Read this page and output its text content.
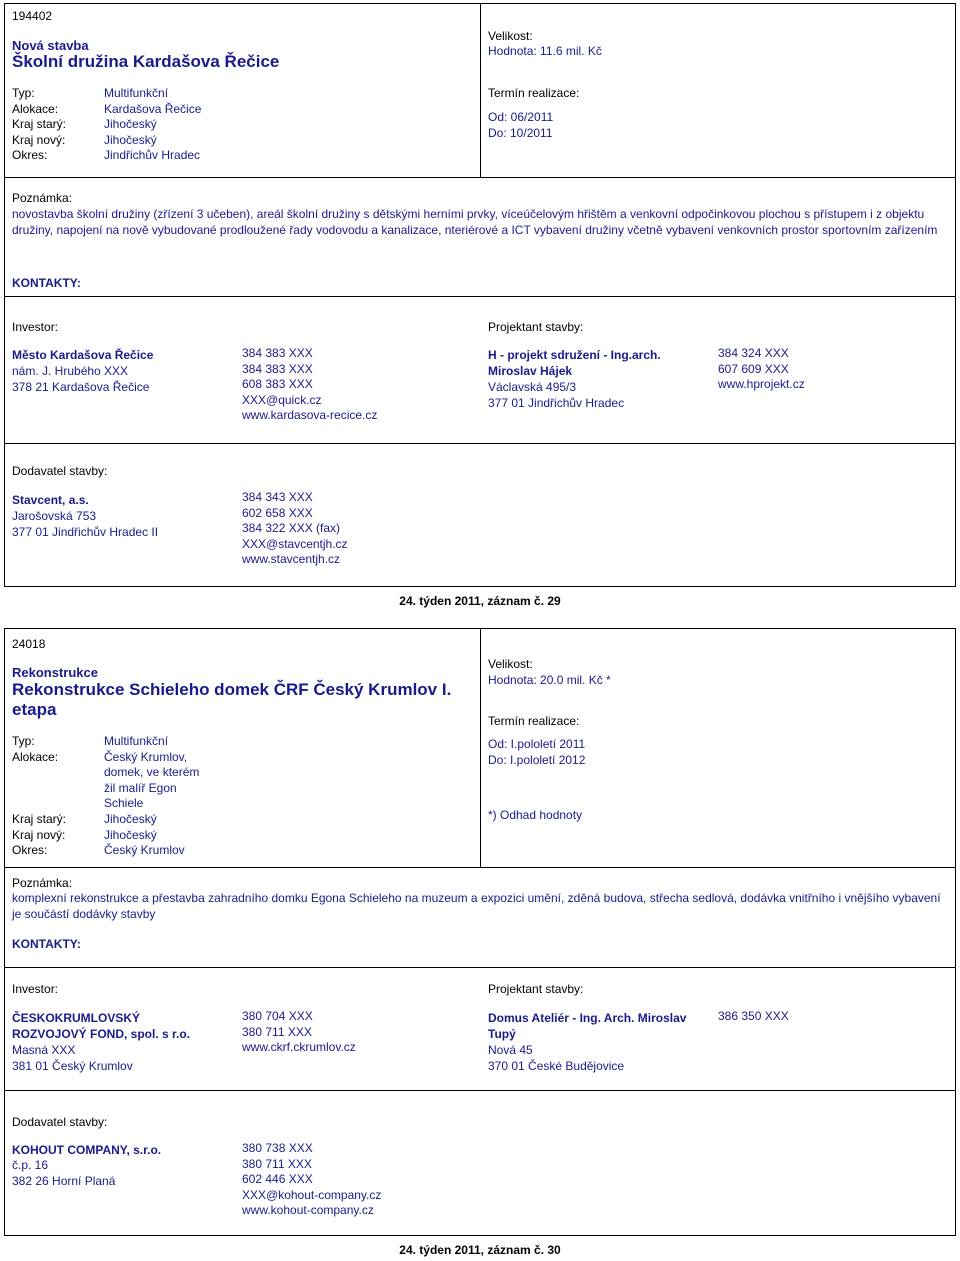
194402
Nová stavba
Školní družina Kardašova Řečice
Typ:
Alokace:
Kraj starý:
Kraj nový:
Okres:
Multifunkční
Kardašova Řečice
Jihočeský
Jihočeský
Jindřichův Hradec
Velikost:
Hodnota: 11.6 mil. Kč
Termín realizace:
Od: 06/2011
Do: 10/2011
Poznámka:
novostavba školní družiny (zřízení 3 učeben), areál školní družiny s dětskými herními prvky, víceúčelovým hřištěm a venkovní odpočinkovou plochou s přístupem i z objektu družiny, napojení na nově vybudované prodloužené řady vodovodu a kanalizace, nteriérové a ICT vybavení družiny včetně vybavení venkovních prostor sportovním zařízením
KONTAKTY:
Investor:
Město Kardašova Řečice
nám. J. Hrubého XXX
378 21 Kardašova Řečice
384 383 XXX
384 383 XXX
608 383 XXX
XXX@quick.cz
www.kardasova-recice.cz
Projektant stavby:
H - projekt sdružení - Ing.arch.
Miroslav Hájek
Václavská 495/3
377 01 Jindřichův Hradec
384 324 XXX
607 609 XXX
www.hprojekt.cz
Dodavatel stavby:
Stavcent, a.s.
Jarošovská 753
377 01 Jindřichův Hradec II
384 343 XXX
602 658 XXX
384 322 XXX (fax)
XXX@stavcentjh.cz
www.stavcentjh.cz
24. týden 2011, záznam č. 29
24018
Rekonstrukce
Rekonstrukce Schieleho domek ČRF Český Krumlov I.
etapa
Typ:
Alokace:

Kraj starý:
Kraj nový:
Okres:
Multifunkční
Český Krumlov,
domek, ve kterém
žil malíř Egon
Schiele
Jihočeský
Jihočeský
Český Krumlov
Velikost:
Hodnota: 20.0 mil. Kč *
Termín realizace:
Od: I.pololetí 2011
Do: I.pololetí 2012
*) Odhad hodnoty
Poznámka:
komplexní rekonstrukce a přestavba zahradního domku Egona Schieleho na muzeum a expozici umění, zděná budova, střecha sedlová, dodávka vnitřního i vnějšího vybavení je součástí dodávky stavby
KONTAKTY:
Investor:
ČESKOKRUMLOVSKÝ
ROZVOJOVÝ FOND, spol. s r.o.
Masná XXX
381 01 Český Krumlov
380 704 XXX
380 711 XXX
www.ckrf.ckrumlov.cz
Projektant stavby:
Domus Ateliér - Ing. Arch. Miroslav
Tupý
Nová 45
370 01 České Budějovice
386 350 XXX
Dodavatel stavby:
KOHOUT COMPANY, s.r.o.
č.p. 16
382 26 Horní Planá
380 738 XXX
380 711 XXX
602 446 XXX
XXX@kohout-company.cz
www.kohout-company.cz
24. týden 2011, záznam č. 30
